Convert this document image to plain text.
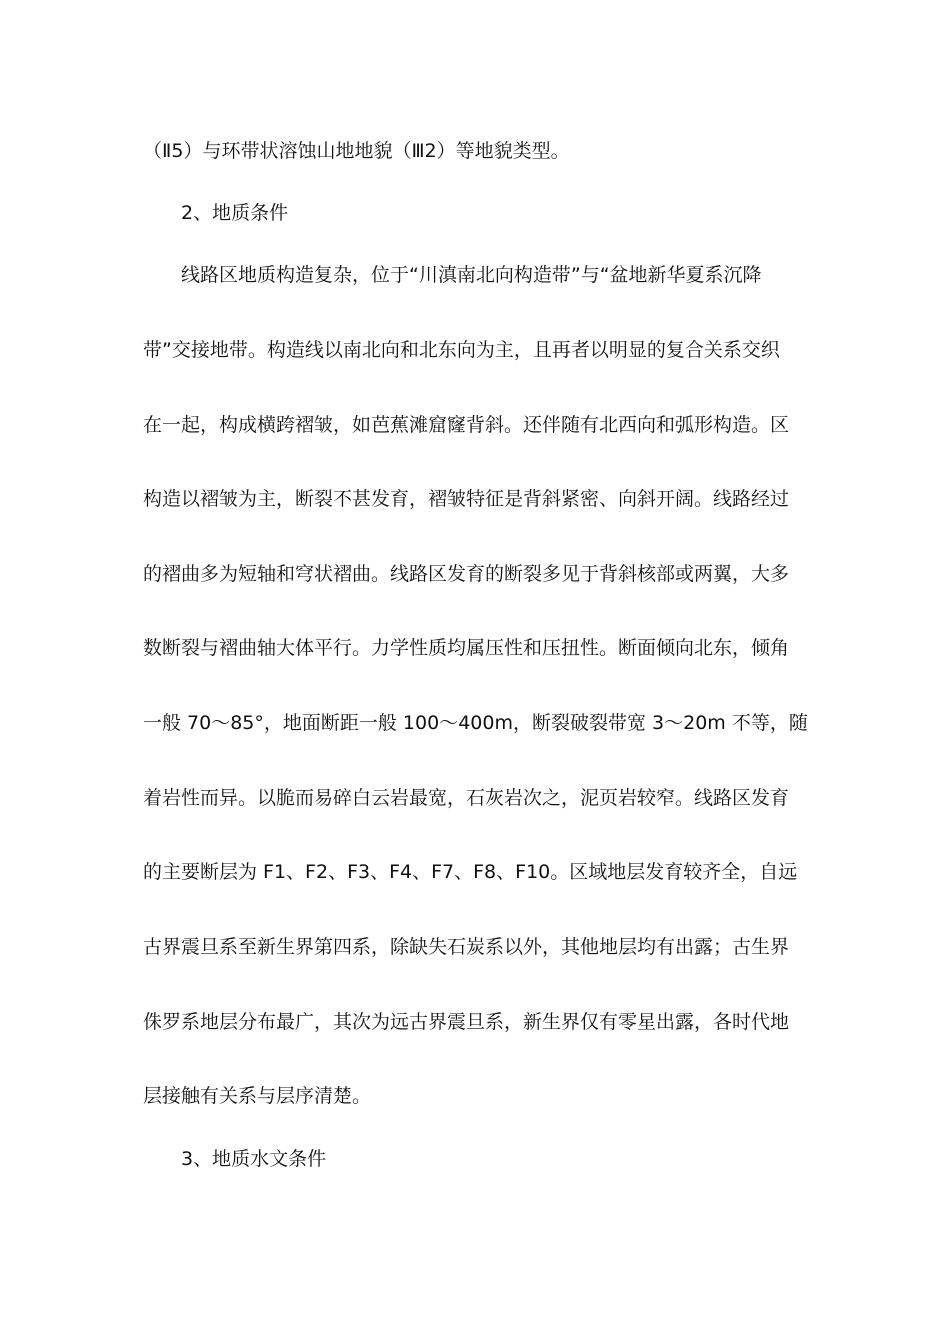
（Ⅱ5）与环带状溶蚀山地地貌（Ⅲ2）等地貌类型。
2、地质条件
线路区地质构造复杂，位于“川滇南北向构造带”与“盆地新华夏系沉降
带”交接地带。构造线以南北向和北东向为主，且再者以明显的复合关系交织
在一起，构成横跨褶皱，如芭蕉滩窟窿背斜。还伴随有北西向和弧形构造。区
构造以褶皱为主，断裂不甚发育，褶皱特征是背斜紧密、向斜开阔。线路经过
的褶曲多为短轴和穹状褶曲。线路区发育的断裂多见于背斜核部或两翼，大多
数断裂与褶曲轴大体平行。力学性质均属压性和压扭性。断面倾向北东，倾角
一般 70～85°，地面断距一般 100～400m，断裂破裂带宽 3～20m 不等，随
着岩性而异。以脆而易碎白云岩最宽，石灰岩次之，泥页岩较窄。线路区发育
的主要断层为 F1、F2、F3、F4、F7、F8、F10。区域地层发育较齐全，自远
古界震旦系至新生界第四系，除缺失石炭系以外，其他地层均有出露；古生界
侏罗系地层分布最广，其次为远古界震旦系，新生界仅有零星出露，各时代地
层接触有关系与层序清楚。
3、地质水文条件
